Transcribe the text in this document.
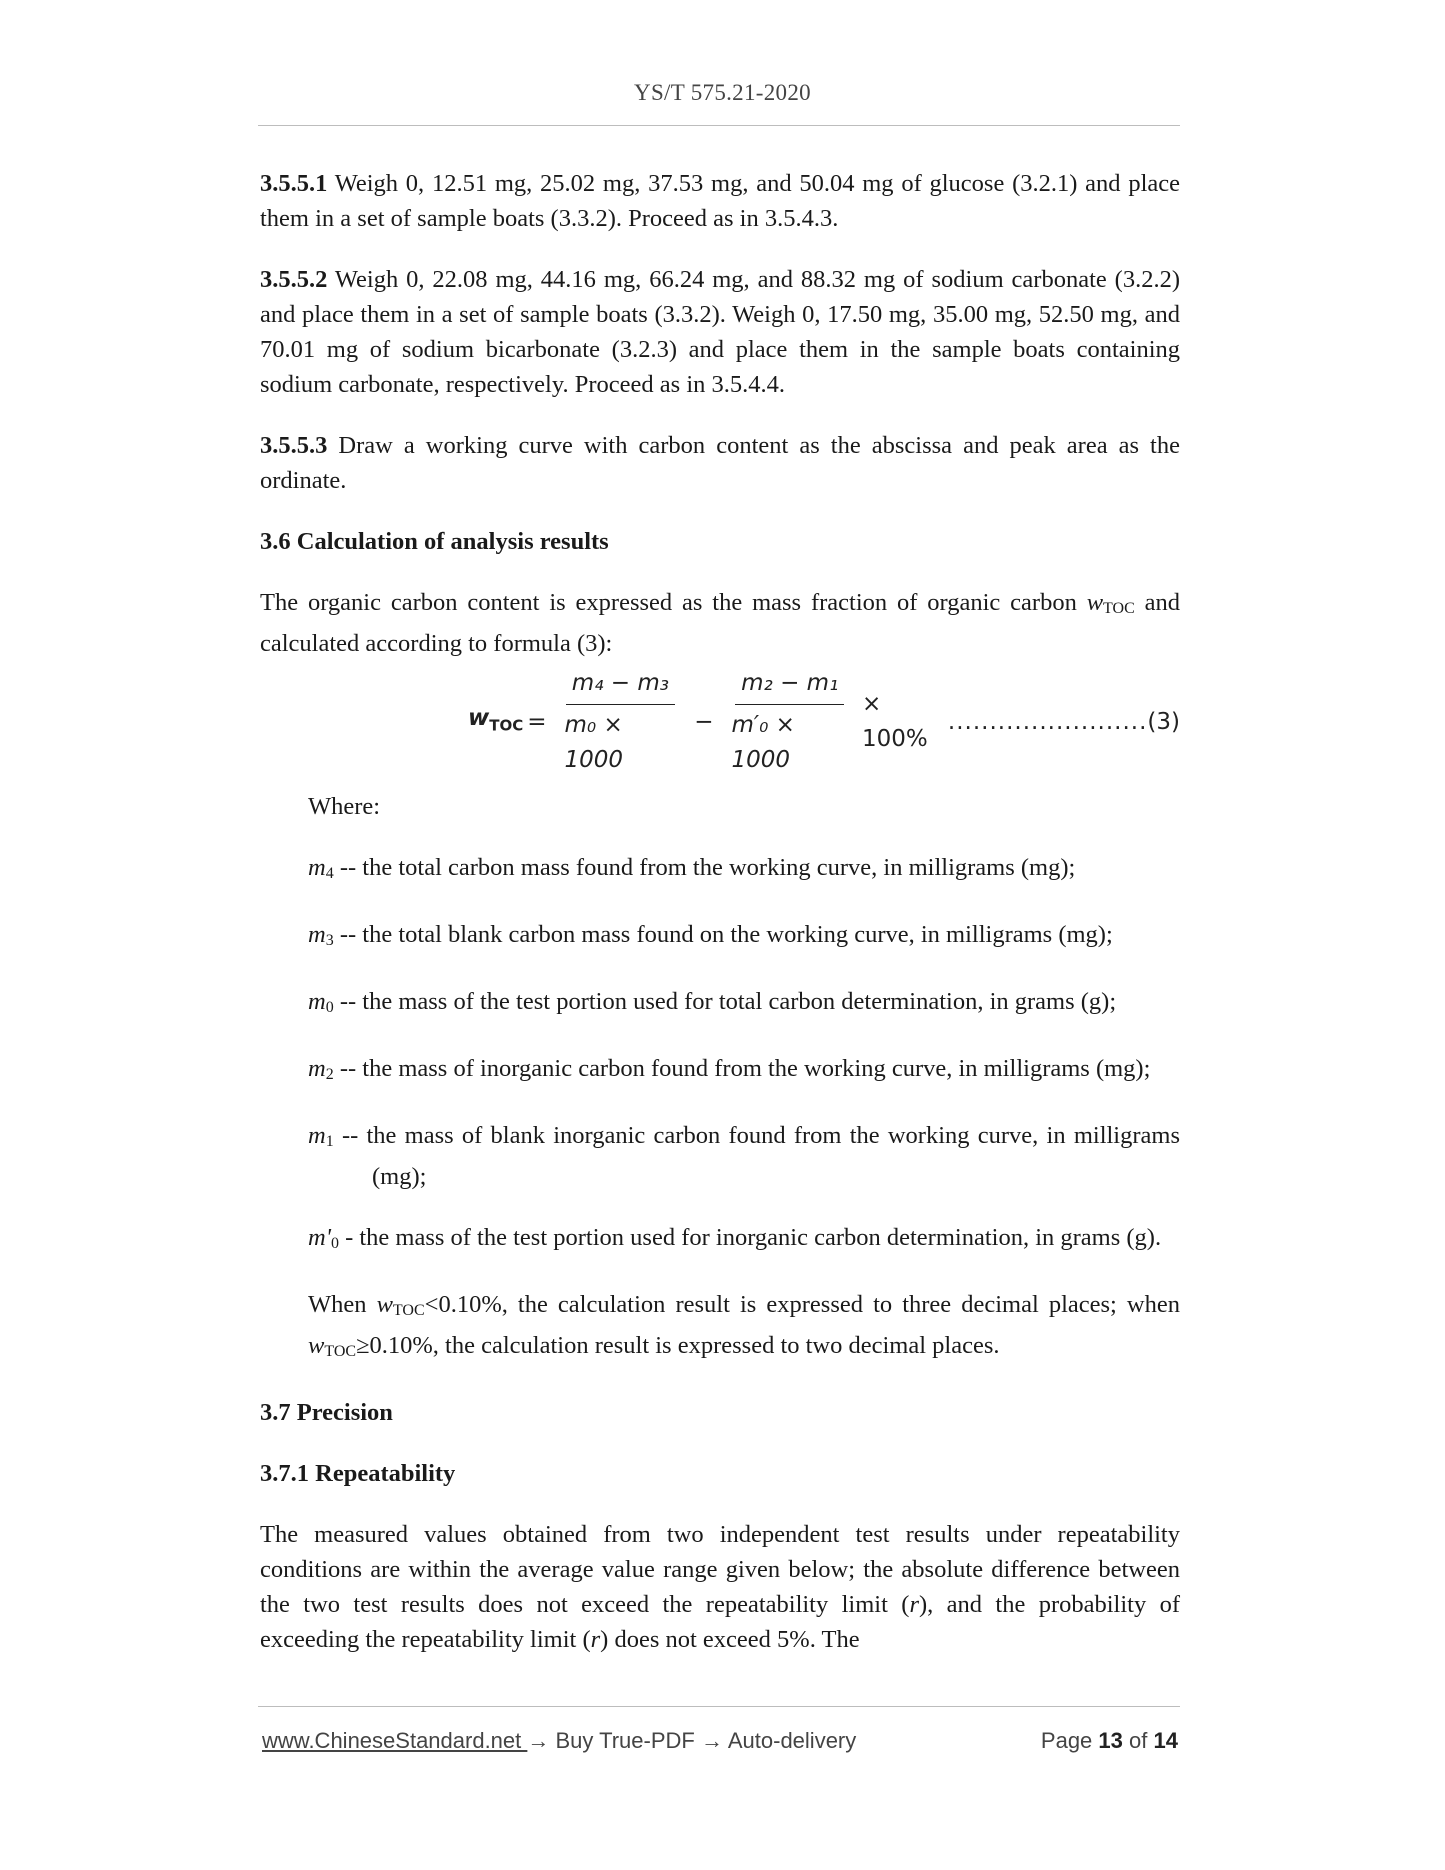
YS/T 575.21-2020

3.5.5.1 Weigh 0, 12.51 mg, 25.02 mg, 37.53 mg, and 50.04 mg of glucose (3.2.1) and place them in a set of sample boats (3.3.2). Proceed as in 3.5.4.3.

3.5.5.2 Weigh 0, 22.08 mg, 44.16 mg, 66.24 mg, and 88.32 mg of sodium carbonate (3.2.2) and place them in a set of sample boats (3.3.2). Weigh 0, 17.50 mg, 35.00 mg, 52.50 mg, and 70.01 mg of sodium bicarbonate (3.2.3) and place them in the sample boats containing sodium carbonate, respectively. Proceed as in 3.5.4.4.

3.5.5.3 Draw a working curve with carbon content as the abscissa and peak area as the ordinate.

3.6 Calculation of analysis results

The organic carbon content is expressed as the mass fraction of organic carbon $w_{TOC}$ and calculated according to formula (3):

$w_{TOC} = \frac{\text{m₄ − m₃}}{\text{m₀ × 1000}} - \frac{\text{m₂ − m₁}}{\text{m′₀ × 1000}} \times 100\%$
........................ (3)

Where:

$m_4$ -- the total carbon mass found from the working curve, in milligrams (mg);

$m_3$ -- the total blank carbon mass found on the working curve, in milligrams (mg);

$m_0$ -- the mass of the test portion used for total carbon determination, in grams (g);

$m_2$ -- the mass of inorganic carbon found from the working curve, in milligrams (mg);

$m_1$ -- the mass of blank inorganic carbon found from the working curve, in milligrams (mg);

$m'_0$ - the mass of the test portion used for inorganic carbon determination, in grams (g).

When $w_{TOC}<0.10\%$, the calculation result is expressed to three decimal places; when $w_{TOC}\ge 0.10\%$, the calculation result is expressed to two decimal places.

3.7 Precision

3.7.1 Repeatability

The measured values obtained from two independent test results under repeatability conditions are within the average value range given below; the absolute difference between the two test results does not exceed the repeatability limit (r), and the probability of exceeding the repeatability limit (r) does not exceed 5%. The

www.ChineseStandard.net → Buy True-PDF → Auto-delivery	Page 13 of 14
